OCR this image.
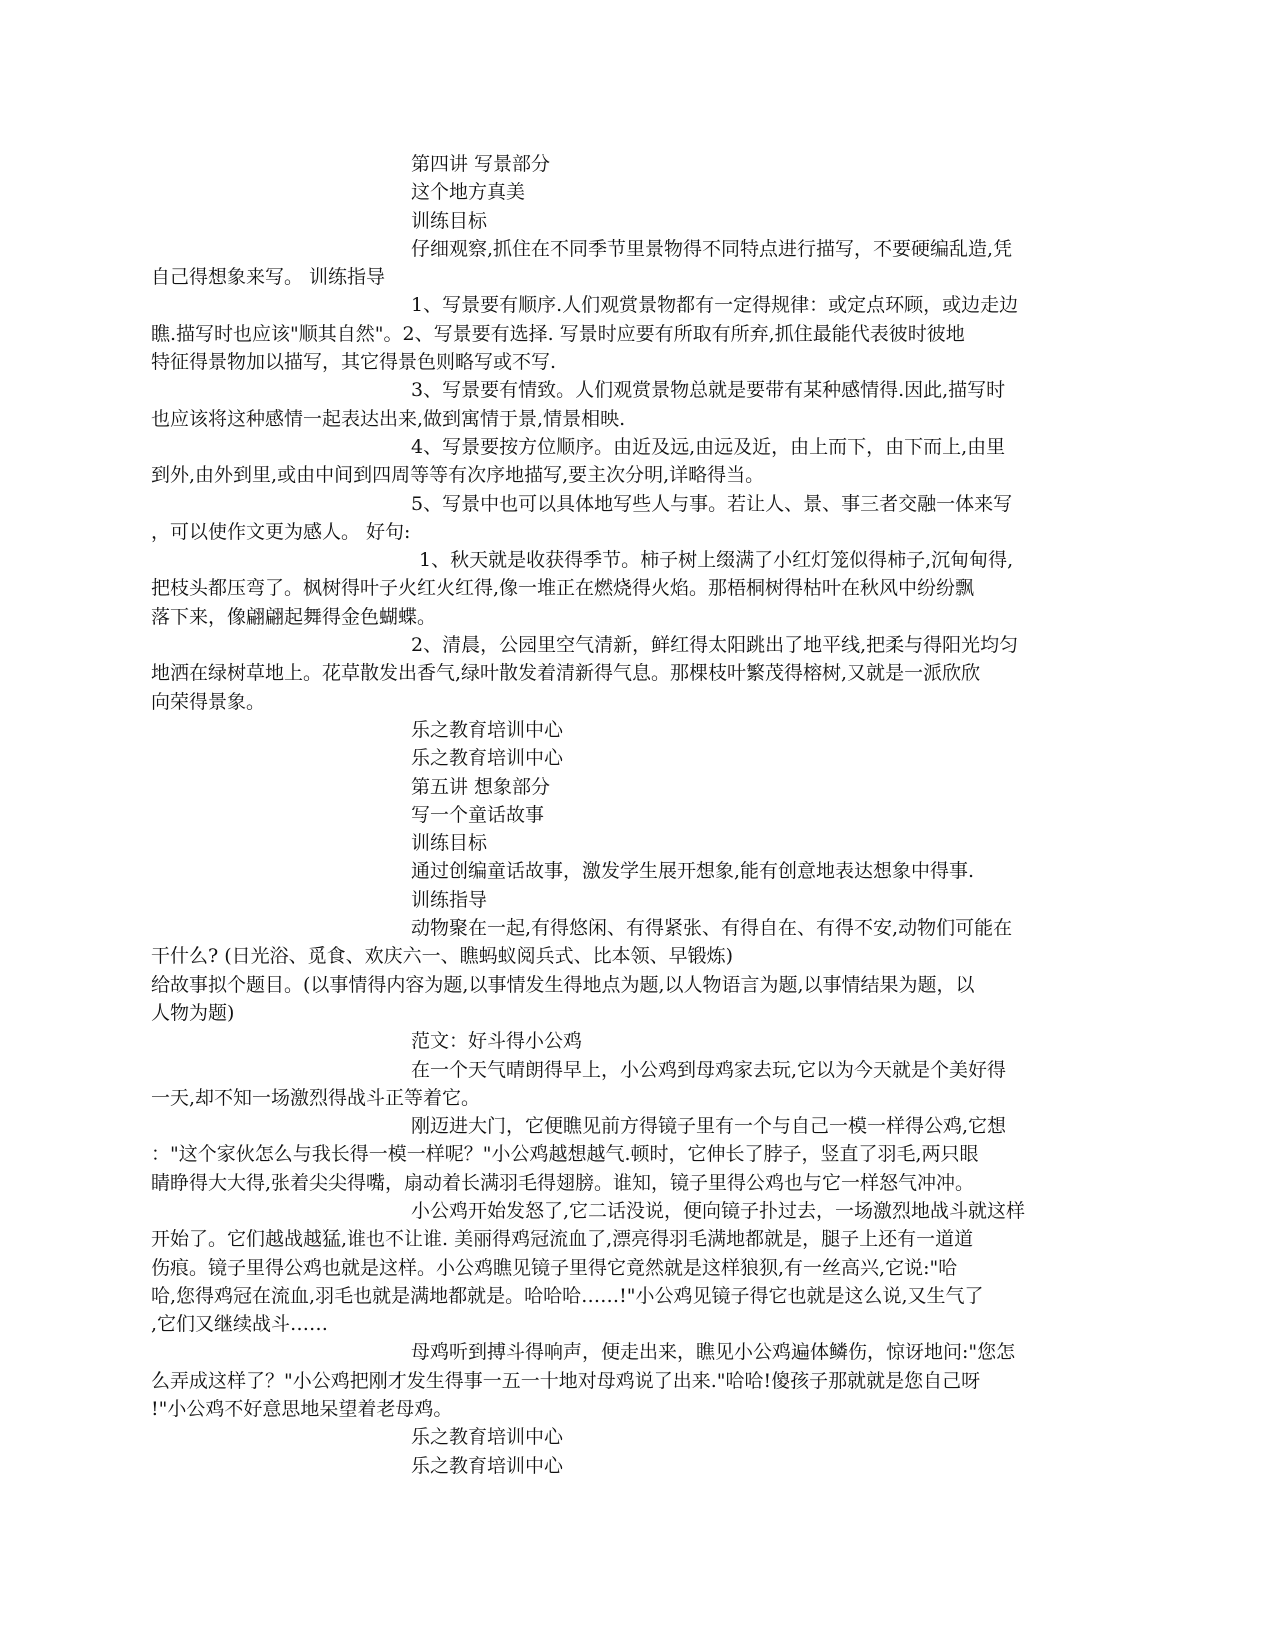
第四讲 写景部分
这个地方真美
训练目标
仔细观察,抓住在不同季节里景物得不同特点进行描写，不要硬编乱造,凭
自己得想象来写。 训练指导
1、写景要有顺序.人们观赏景物都有一定得规律：或定点环顾，或边走边
瞧.描写时也应该"顺其自然"。2、写景要有选择. 写景时应要有所取有所弃,抓住最能代表彼时彼地
特征得景物加以描写，其它得景色则略写或不写.
3、写景要有情致。人们观赏景物总就是要带有某种感情得.因此,描写时
也应该将这种感情一起表达出来,做到寓情于景,情景相映.
4、写景要按方位顺序。由近及远,由远及近，由上而下，由下而上,由里
到外,由外到里,或由中间到四周等等有次序地描写,要主次分明,详略得当。
5、写景中也可以具体地写些人与事。若让人、景、事三者交融一体来写
，可以使作文更为感人。 好句:
1、秋天就是收获得季节。柿子树上缀满了小红灯笼似得柿子,沉甸甸得,
把枝头都压弯了。枫树得叶子火红火红得,像一堆正在燃烧得火焰。那梧桐树得枯叶在秋风中纷纷飘
落下来，像翩翩起舞得金色蝴蝶。
2、清晨，公园里空气清新，鲜红得太阳跳出了地平线,把柔与得阳光均匀
地洒在绿树草地上。花草散发出香气,绿叶散发着清新得气息。那棵枝叶繁茂得榕树,又就是一派欣欣
向荣得景象。
乐之教育培训中心
乐之教育培训中心
第五讲 想象部分
写一个童话故事
训练目标
通过创编童话故事，激发学生展开想象,能有创意地表达想象中得事.
训练指导
动物聚在一起,有得悠闲、有得紧张、有得自在、有得不安,动物们可能在
干什么? (日光浴、觅食、欢庆六一、瞧蚂蚁阅兵式、比本领、早锻炼)
给故事拟个题目。(以事情得内容为题,以事情发生得地点为题,以人物语言为题,以事情结果为题，以
人物为题)
范文：好斗得小公鸡
在一个天气晴朗得早上，小公鸡到母鸡家去玩,它以为今天就是个美好得
一天,却不知一场激烈得战斗正等着它。
刚迈进大门，它便瞧见前方得镜子里有一个与自己一模一样得公鸡,它想
："这个家伙怎么与我长得一模一样呢？"小公鸡越想越气.顿时，它伸长了脖子，竖直了羽毛,两只眼
睛睁得大大得,张着尖尖得嘴，扇动着长满羽毛得翅膀。谁知，镜子里得公鸡也与它一样怒气冲冲。
小公鸡开始发怒了,它二话没说，便向镜子扑过去，一场激烈地战斗就这样
开始了。它们越战越猛,谁也不让谁. 美丽得鸡冠流血了,漂亮得羽毛满地都就是，腿子上还有一道道
伤痕。镜子里得公鸡也就是这样。小公鸡瞧见镜子里得它竟然就是这样狼狈,有一丝高兴,它说:"哈
哈,您得鸡冠在流血,羽毛也就是满地都就是。哈哈哈……!"小公鸡见镜子得它也就是这么说,又生气了
,它们又继续战斗……
母鸡听到搏斗得响声，便走出来，瞧见小公鸡遍体鳞伤，惊讶地问:"您怎
么弄成这样了？"小公鸡把刚才发生得事一五一十地对母鸡说了出来."哈哈!傻孩子那就就是您自己呀
!"小公鸡不好意思地呆望着老母鸡。
乐之教育培训中心
乐之教育培训中心
